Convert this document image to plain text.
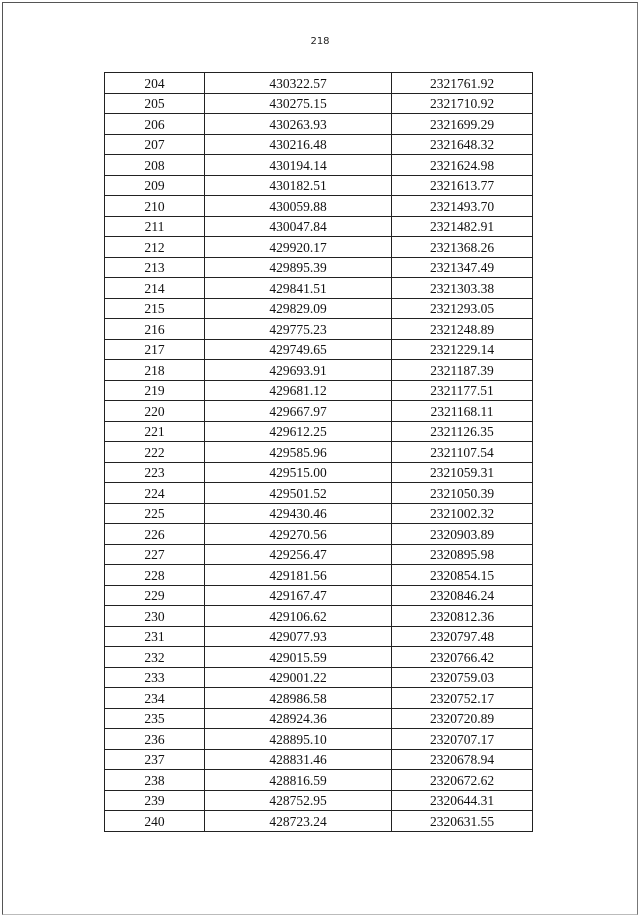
218
204	430322.57	2321761.92
205	430275.15	2321710.92
206	430263.93	2321699.29
207	430216.48	2321648.32
208	430194.14	2321624.98
209	430182.51	2321613.77
210	430059.88	2321493.70
211	430047.84	2321482.91
212	429920.17	2321368.26
213	429895.39	2321347.49
214	429841.51	2321303.38
215	429829.09	2321293.05
216	429775.23	2321248.89
217	429749.65	2321229.14
218	429693.91	2321187.39
219	429681.12	2321177.51
220	429667.97	2321168.11
221	429612.25	2321126.35
222	429585.96	2321107.54
223	429515.00	2321059.31
224	429501.52	2321050.39
225	429430.46	2321002.32
226	429270.56	2320903.89
227	429256.47	2320895.98
228	429181.56	2320854.15
229	429167.47	2320846.24
230	429106.62	2320812.36
231	429077.93	2320797.48
232	429015.59	2320766.42
233	429001.22	2320759.03
234	428986.58	2320752.17
235	428924.36	2320720.89
236	428895.10	2320707.17
237	428831.46	2320678.94
238	428816.59	2320672.62
239	428752.95	2320644.31
240	428723.24	2320631.55
